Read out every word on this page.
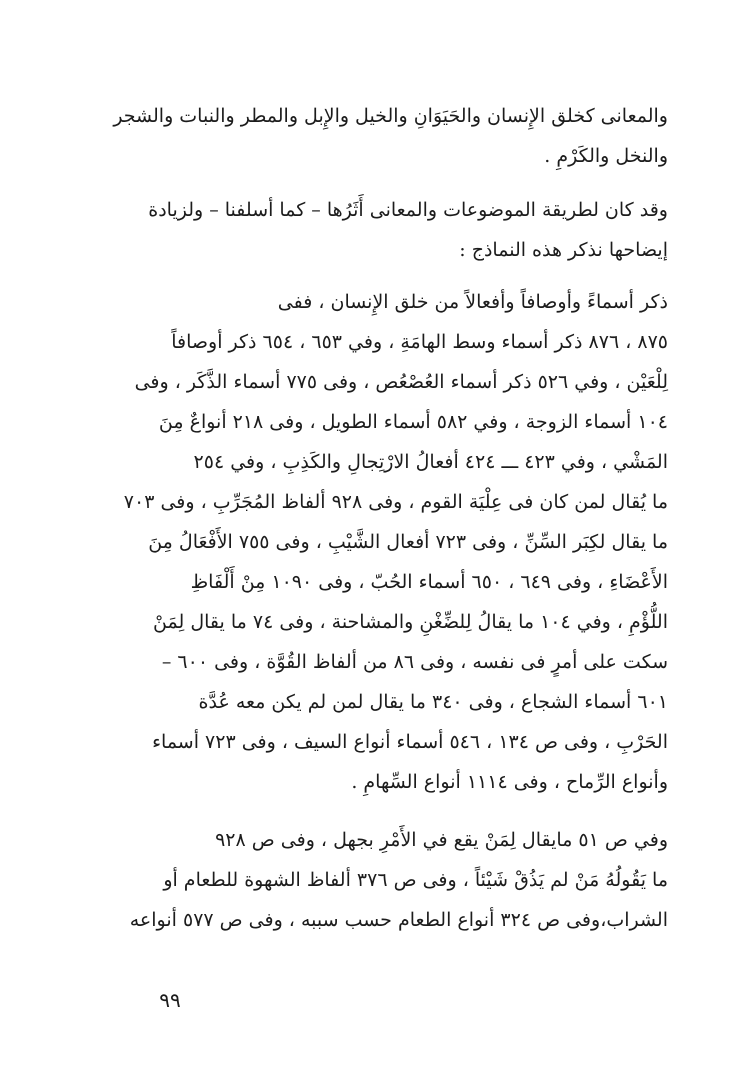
والمعانى كخلق الإِنسان والحَيَوَانِ والخيل والإِبل والمطر والنبات والشجر
والنخل والكَرْمِ .
وقد كان لطريقة الموضوعات والمعانى أَثَرُها – كما أسلفنا – ولزيادة
إيضاحها نذكر هذه النماذج :
ذكر أسماءً وأوصافاً وأفعالاً من خلق الإِنسان ، ففى
٨٧٥ ، ٨٧٦ ذكر أسماء وسط الهامَةِ ، وفي ٦٥٣ ، ٦٥٤ ذكر أوصافاً
لِلْعَيْن ، وفي ٥٢٦ ذكر أسماء العُصْعُص ، وفى ٧٧٥ أسماء الذَّكَر ، وفى
١٠٤ أسماء الزوجة ، وفي ٥٨٢ أسماء الطويل ، وفى ٢١٨ أنواعٌ مِنَ
المَشْي ، وفي ٤٢٣ ـــ ٤٢٤ أفعالُ الارْتِجالِ والكَذِبِ ، وفي ٢٥٤
ما يُقال لمن كان فى عِلْيَة القوم ، وفى ٩٢٨ ألفاظ المُجَرِّبِ ، وفى ٧٠٣
ما يقال لكِبَر السِّنِّ ، وفى ٧٢٣ أفعال الشَّيْبِ ، وفى ٧٥٥ الأَفْعَالُ مِنَ
الأَعْضَاءِ ، وفى ٦٤٩ ، ٦٥٠ أسماء الحُبّ ، وفى ١٠٩٠ مِنْ أَلْفَاظِ
اللُّؤْمِ ، وفي ١٠٤ ما يقالُ لِلضِّغْنِ والمشاحنة ، وفى ٧٤ ما يقال لِمَنْ
سكت على أمرٍ فى نفسه ، وفى ٨٦ من ألفاظ القُوَّة ، وفى ٦٠٠ –
٦٠١ أسماء الشجاع ، وفى ٣٤٠ ما يقال لمن لم يكن معه عُدَّة
الحَرْبِ ، وفى ص ١٣٤ ، ٥٤٦ أسماء أنواع السيف ، وفى ٧٢٣ أسماء
وأنواع الرِّماح ، وفى ١١١٤ أنواع السِّهامِ .
وفي ص ٥١ مايقال لِمَنْ يقع في الأَمْرِ بجهل ، وفى ص ٩٢٨
ما يَقُولُهُ مَنْ لم يَذُقْ شَيْئاً ، وفى ص ٣٧٦ ألفاظ الشهوة للطعام أو
الشراب،وفى ص ٣٢٤ أنواع الطعام حسب سببه ، وفى ص ٥٧٧ أنواعه
٩٩
